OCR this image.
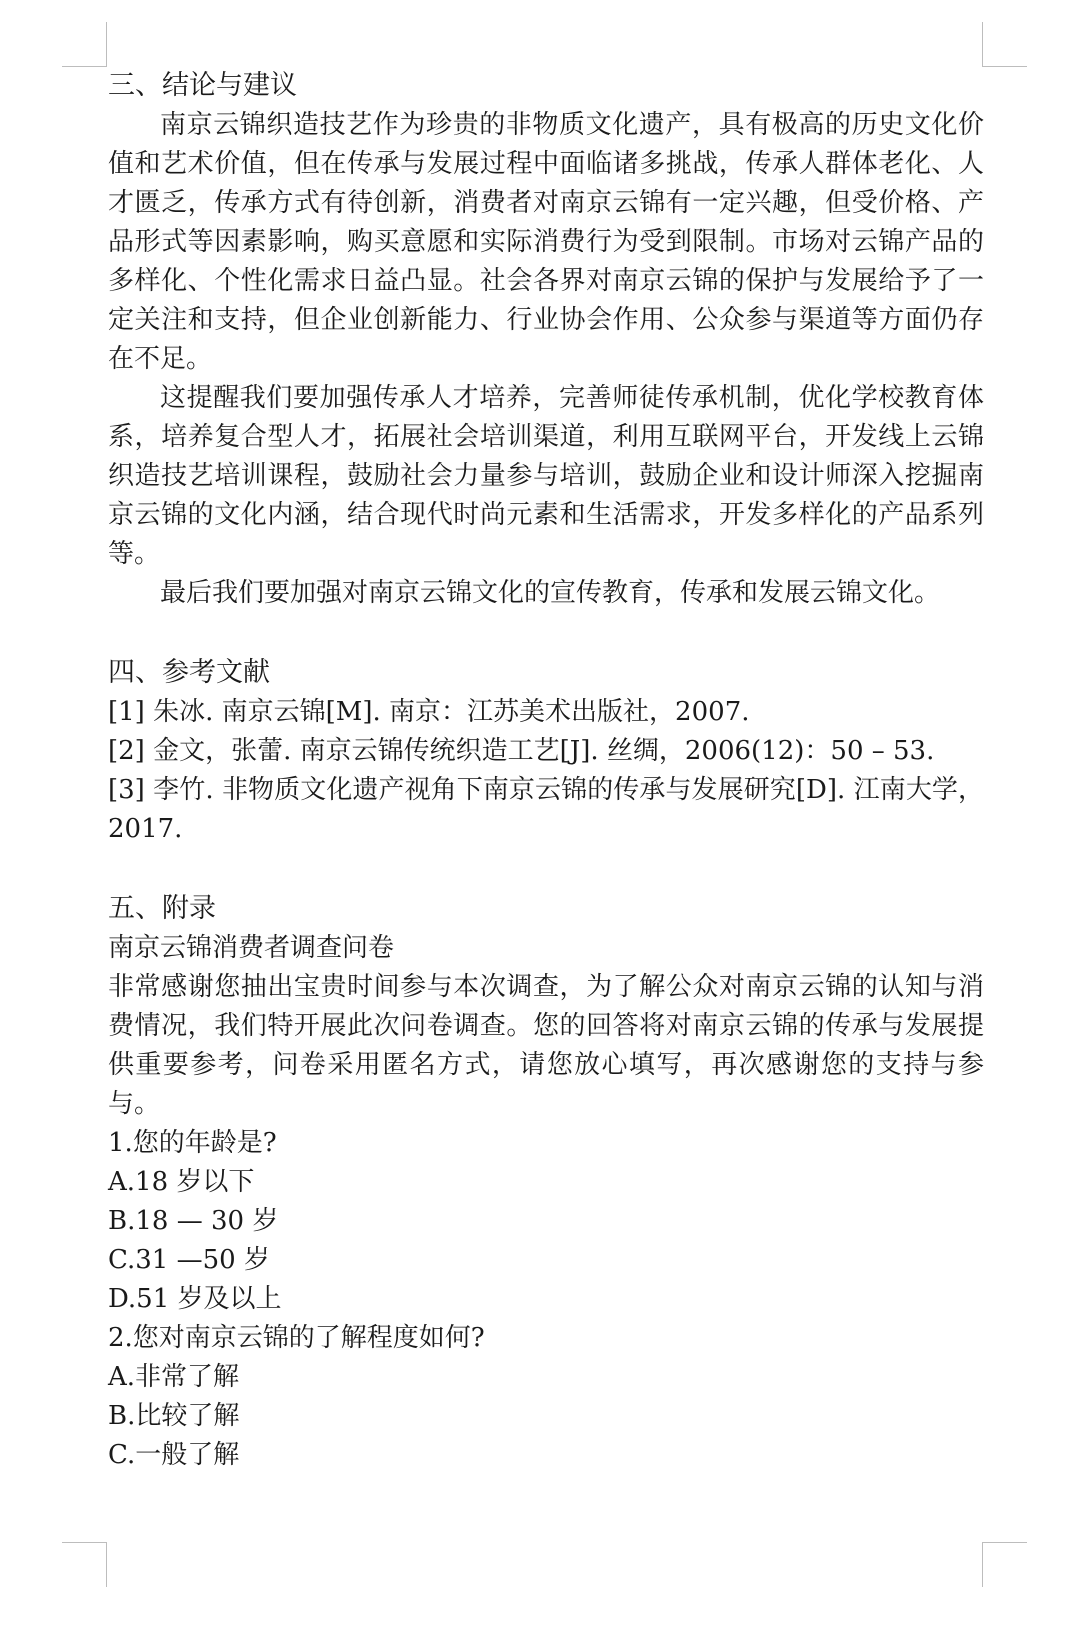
三、结论与建议

南京云锦织造技艺作为珍贵的非物质文化遗产，具有极高的历史文化价值和艺术价值，但在传承与发展过程中面临诸多挑战，传承人群体老化、人才匮乏，传承方式有待创新，消费者对南京云锦有一定兴趣，但受价格、产品形式等因素影响，购买意愿和实际消费行为受到限制。市场对云锦产品的多样化、个性化需求日益凸显。社会各界对南京云锦的保护与发展给予了一定关注和支持，但企业创新能力、行业协会作用、公众参与渠道等方面仍存在不足。

这提醒我们要加强传承人才培养，完善师徒传承机制，优化学校教育体系，培养复合型人才，拓展社会培训渠道，利用互联网平台，开发线上云锦织造技艺培训课程，鼓励社会力量参与培训，鼓励企业和设计师深入挖掘南京云锦的文化内涵，结合现代时尚元素和生活需求，开发多样化的产品系列等。

最后我们要加强对南京云锦文化的宣传教育，传承和发展云锦文化。

四、参考文献

[1] 朱冰. 南京云锦[M]. 南京：江苏美术出版社，2007.

[2] 金文，张蕾. 南京云锦传统织造工艺[J]. 丝绸，2006(12)：50 – 53.

[3] 李竹. 非物质文化遗产视角下南京云锦的传承与发展研究[D]. 江南大学，2017.

五、附录

南京云锦消费者调查问卷

非常感谢您抽出宝贵时间参与本次调查，为了解公众对南京云锦的认知与消费情况，我们特开展此次问卷调查。您的回答将对南京云锦的传承与发展提供重要参考，问卷采用匿名方式，请您放心填写，再次感谢您的支持与参与。

1.您的年龄是?

A.18 岁以下

B.18 — 30 岁

C.31 —50 岁

D.51 岁及以上

2.您对南京云锦的了解程度如何?

A.非常了解

B.比较了解

C.一般了解
